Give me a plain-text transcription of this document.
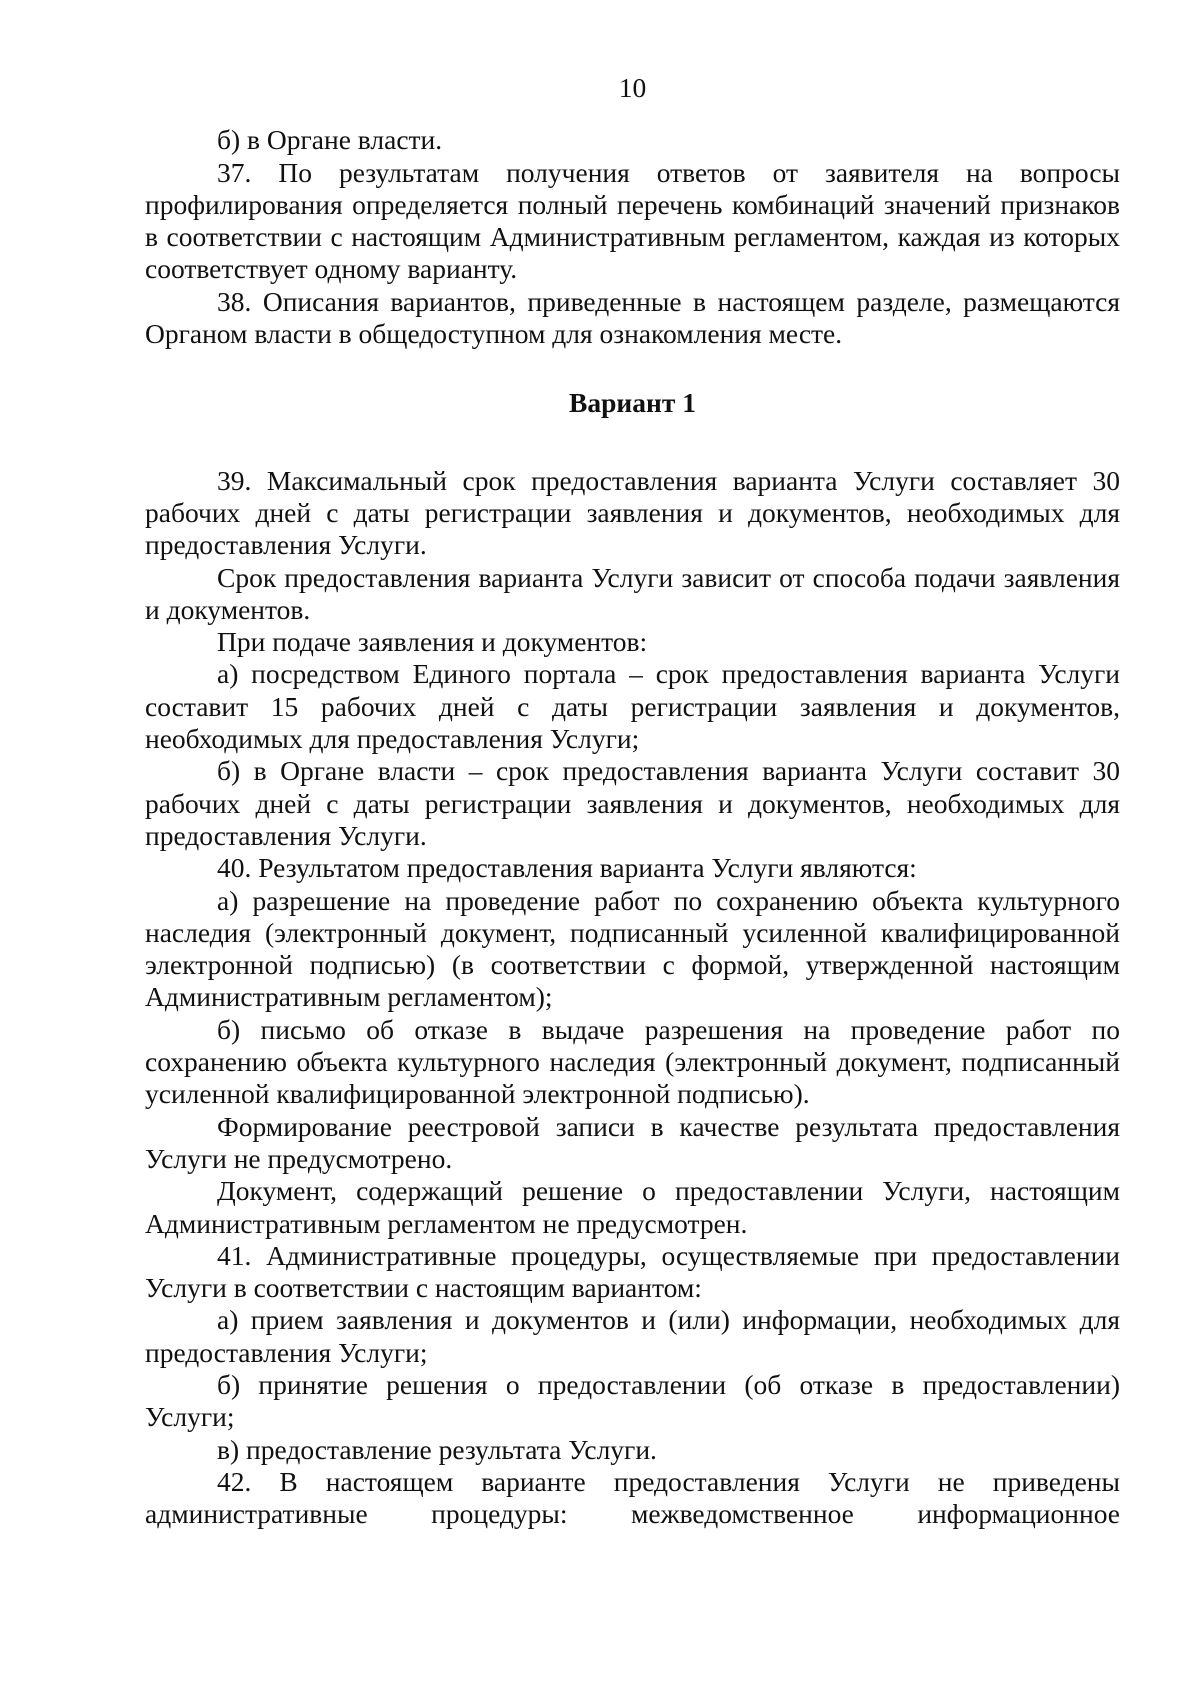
10

б) в Органе власти.

37. По результатам получения ответов от заявителя на вопросы профилирования определяется полный перечень комбинаций значений признаков в соответствии с настоящим Административным регламентом, каждая из которых соответствует одному варианту.

38. Описания вариантов, приведенные в настоящем разделе, размещаются Органом власти в общедоступном для ознакомления месте.

Вариант 1

39. Максимальный срок предоставления варианта Услуги составляет 30 рабочих дней с даты регистрации заявления и документов, необходимых для предоставления Услуги.

Срок предоставления варианта Услуги зависит от способа подачи заявления и документов.

При подаче заявления и документов:

а) посредством Единого портала – срок предоставления варианта Услуги составит 15 рабочих дней с даты регистрации заявления и документов, необходимых для предоставления Услуги;

б) в Органе власти – срок предоставления варианта Услуги составит 30 рабочих дней с даты регистрации заявления и документов, необходимых для предоставления Услуги.

40. Результатом предоставления варианта Услуги являются:

а) разрешение на проведение работ по сохранению объекта культурного наследия (электронный документ, подписанный усиленной квалифицированной электронной подписью) (в соответствии с формой, утвержденной настоящим Административным регламентом);

б) письмо об отказе в выдаче разрешения на проведение работ по сохранению объекта культурного наследия (электронный документ, подписанный усиленной квалифицированной электронной подписью).

Формирование реестровой записи в качестве результата предоставления Услуги не предусмотрено.

Документ, содержащий решение о предоставлении Услуги, настоящим Административным регламентом не предусмотрен.

41. Административные процедуры, осуществляемые при предоставлении Услуги в соответствии с настоящим вариантом:

а) прием заявления и документов и (или) информации, необходимых для предоставления Услуги;

б) принятие решения о предоставлении (об отказе в предоставлении) Услуги;

в) предоставление результата Услуги.

42. В настоящем варианте предоставления Услуги не приведены административные процедуры: межведомственное информационное
